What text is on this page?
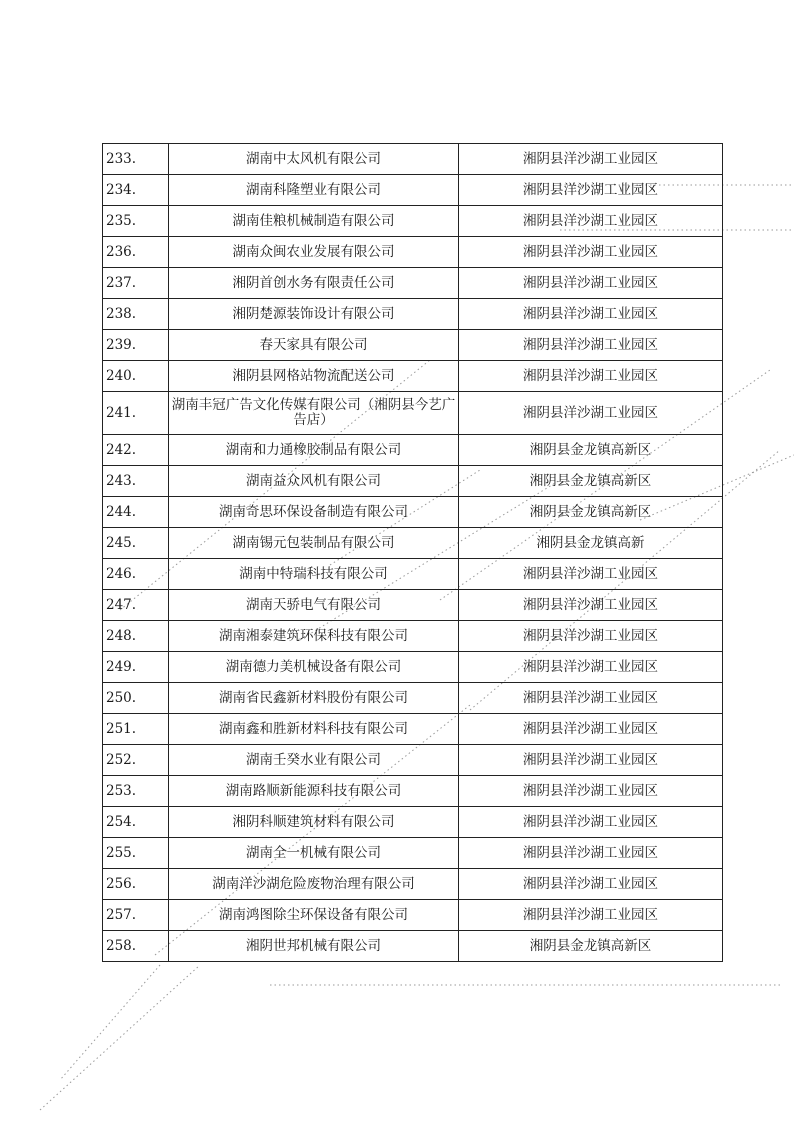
233.	湖南中太风机有限公司	湘阴县洋沙湖工业园区
234.	湖南科隆塑业有限公司	湘阴县洋沙湖工业园区
235.	湖南佳粮机械制造有限公司	湘阴县洋沙湖工业园区
236.	湖南众闽农业发展有限公司	湘阴县洋沙湖工业园区
237.	湘阴首创水务有限责任公司	湘阴县洋沙湖工业园区
238.	湘阴楚源装饰设计有限公司	湘阴县洋沙湖工业园区
239.	春天家具有限公司	湘阴县洋沙湖工业园区
240.	湘阴县网格站物流配送公司	湘阴县洋沙湖工业园区
241.	湖南丰冠广告文化传媒有限公司（湘阴县今艺广告店）	湘阴县洋沙湖工业园区
242.	湖南和力通橡胶制品有限公司	湘阴县金龙镇高新区
243.	湖南益众风机有限公司	湘阴县金龙镇高新区
244.	湖南奇思环保设备制造有限公司	湘阴县金龙镇高新区
245.	湖南锡元包装制品有限公司	湘阴县金龙镇高新
246.	湖南中特瑞科技有限公司	湘阴县洋沙湖工业园区
247.	湖南天骄电气有限公司	湘阴县洋沙湖工业园区
248.	湖南湘泰建筑环保科技有限公司	湘阴县洋沙湖工业园区
249.	湖南德力美机械设备有限公司	湘阴县洋沙湖工业园区
250.	湖南省民鑫新材料股份有限公司	湘阴县洋沙湖工业园区
251.	湖南鑫和胜新材料科技有限公司	湘阴县洋沙湖工业园区
252.	湖南壬癸水业有限公司	湘阴县洋沙湖工业园区
253.	湖南路顺新能源科技有限公司	湘阴县洋沙湖工业园区
254.	湘阴科顺建筑材料有限公司	湘阴县洋沙湖工业园区
255.	湖南全一机械有限公司	湘阴县洋沙湖工业园区
256.	湖南洋沙湖危险废物治理有限公司	湘阴县洋沙湖工业园区
257.	湖南鸿图除尘环保设备有限公司	湘阴县洋沙湖工业园区
258.	湘阴世邦机械有限公司	湘阴县金龙镇高新区
